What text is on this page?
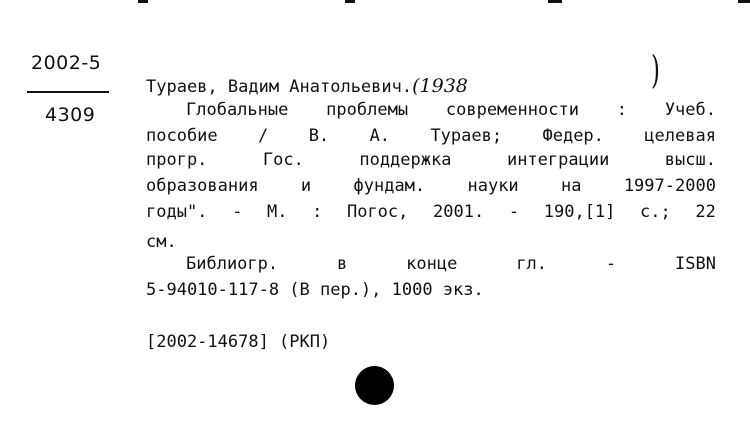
2002-5
4309
Тураев, Вадим Анатольевич.(1938	)
Глобальные проблемы современности : Учеб.
пособие / В. А. Тураев; Федер. целевая
прогр.	Гос.	поддержка	интеграции	высш.
образования и фундам. науки на 1997-2000
годы". - М. : Погос, 2001. - 190,[1] с.; 22
см.
Библиогр.	в	конце	гл.	-	ISBN
5-94010-117-8 (В пер.), 1000 экз.
[2002-14678] (РКП)
